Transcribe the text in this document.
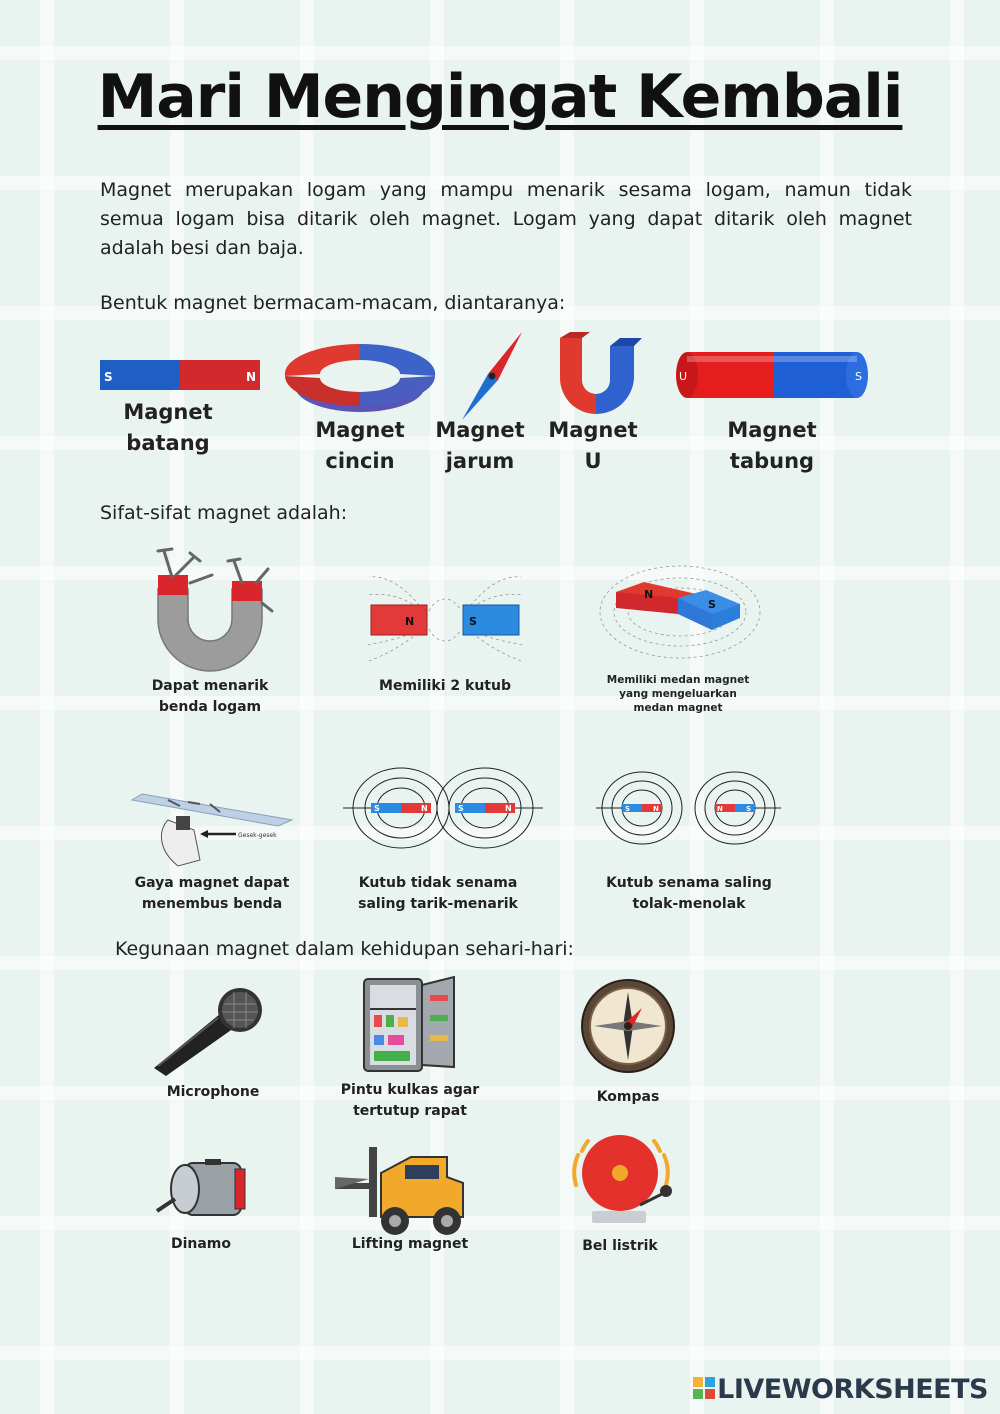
Mari Mengingat Kembali
Magnet merupakan logam yang mampu menarik sesama logam, namun tidak semua logam bisa ditarik oleh magnet. Logam yang dapat ditarik oleh magnet adalah besi dan baja.
Bentuk magnet bermacam-macam, diantaranya:
S	N
Magnet
batang
Magnet
cincin
Magnet
jarum
Magnet
U
U	S
Magnet
tabung
Sifat-sifat magnet adalah:
Dapat menarik
benda logam
N	S
Memiliki 2 kutub
N
S
Memiliki medan magnet
yang mengeluarkan
medan magnet
Gesek-gesek
Gaya magnet dapat
menembus benda
S	N	S	N
Kutub tidak senama
saling tarik-menarik
S	N	N	S
Kutub senama saling
tolak-menolak
Kegunaan magnet dalam kehidupan sehari-hari:
Microphone	Pintu kulkas agar
tertutup rapat
Kompas
Dinamo	Lifting magnet	Bel listrik
LIVEWORKSHEETS
